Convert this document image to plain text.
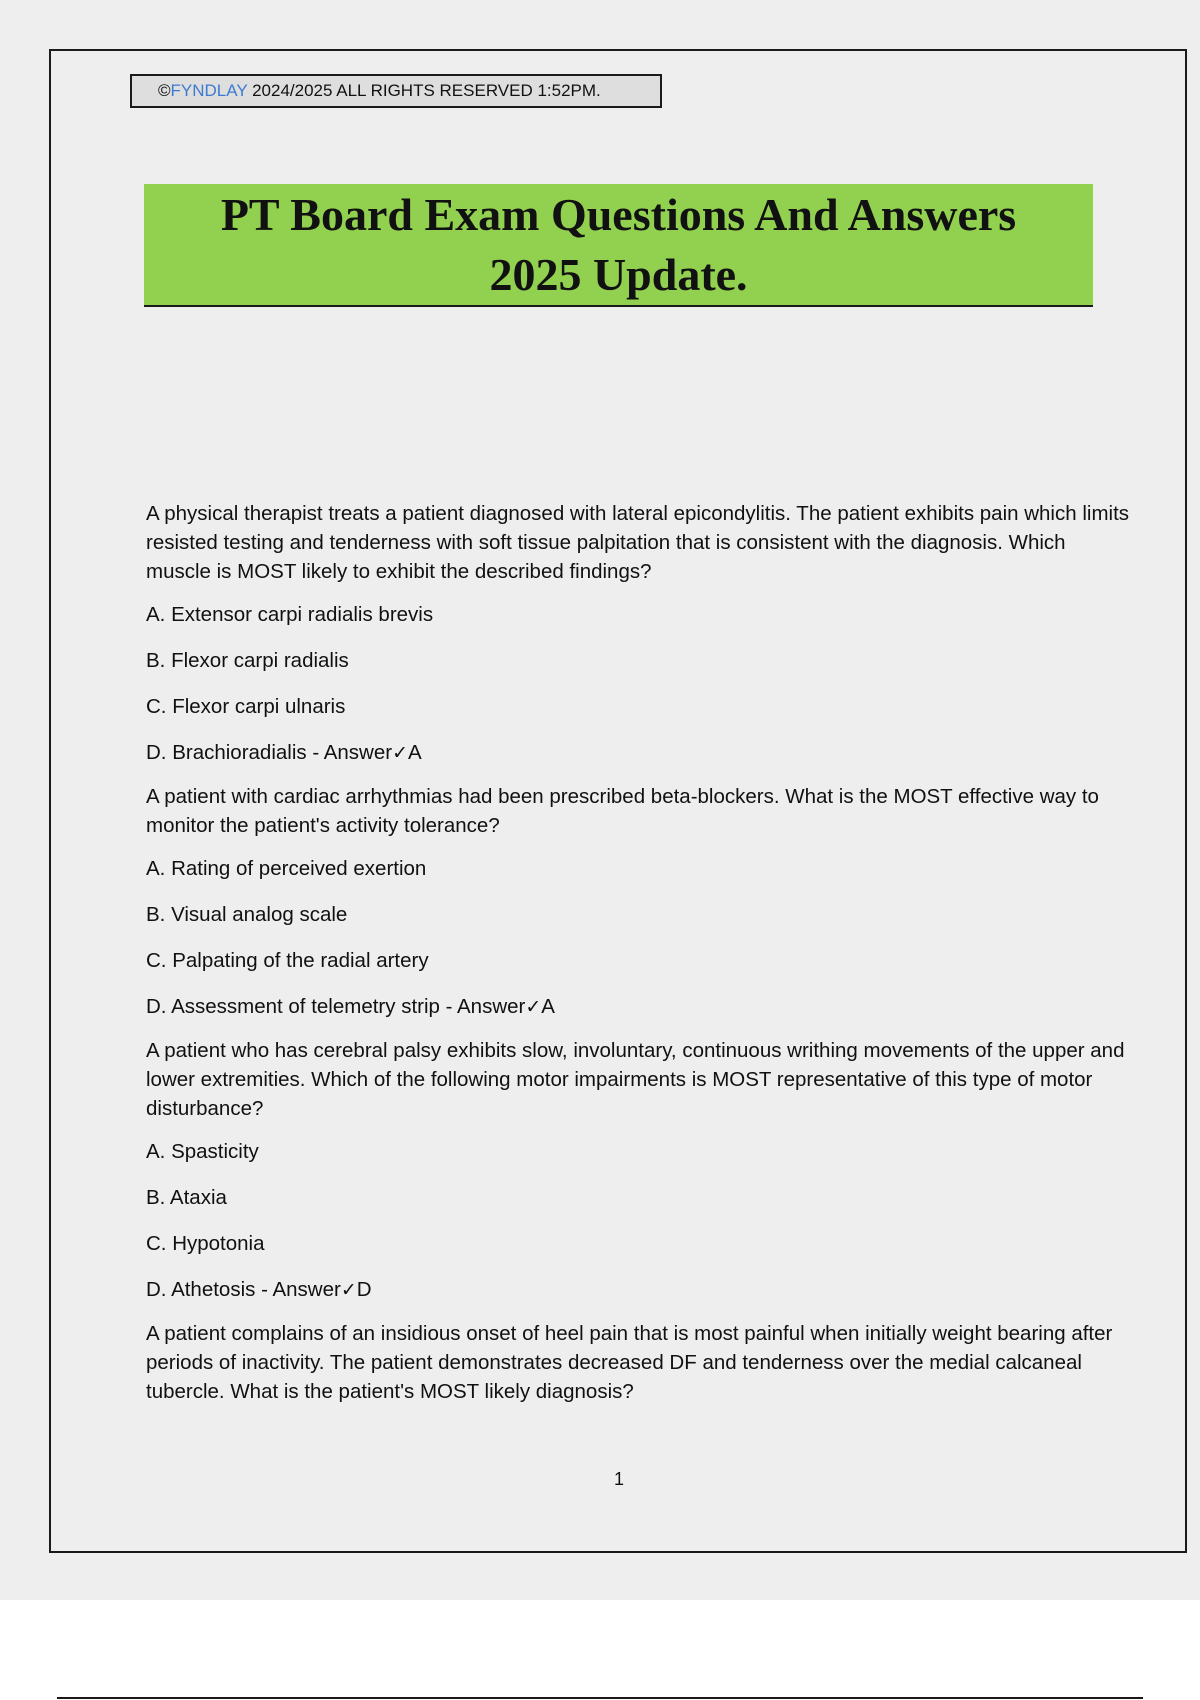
©FYNDLAY 2024/2025 ALL RIGHTS RESERVED 1:52PM.
PT Board Exam Questions And Answers
2025 Update.

A physical therapist treats a patient diagnosed with lateral epicondylitis. The patient exhibits pain which limits resisted testing and tenderness with soft tissue palpitation that is consistent with the diagnosis. Which muscle is MOST likely to exhibit the described findings?

A. Extensor carpi radialis brevis

B. Flexor carpi radialis

C. Flexor carpi ulnaris

D. Brachioradialis - Answer✓A

A patient with cardiac arrhythmias had been prescribed beta-blockers. What is the MOST effective way to monitor the patient's activity tolerance?

A. Rating of perceived exertion

B. Visual analog scale

C. Palpating of the radial artery

D. Assessment of telemetry strip - Answer✓A

A patient who has cerebral palsy exhibits slow, involuntary, continuous writhing movements of the upper and lower extremities. Which of the following motor impairments is MOST representative of this type of motor disturbance?

A. Spasticity

B. Ataxia

C. Hypotonia

D. Athetosis - Answer✓D

A patient complains of an insidious onset of heel pain that is most painful when initially weight bearing after periods of inactivity. The patient demonstrates decreased DF and tenderness over the medial calcaneal tubercle. What is the patient's MOST likely diagnosis?

1
